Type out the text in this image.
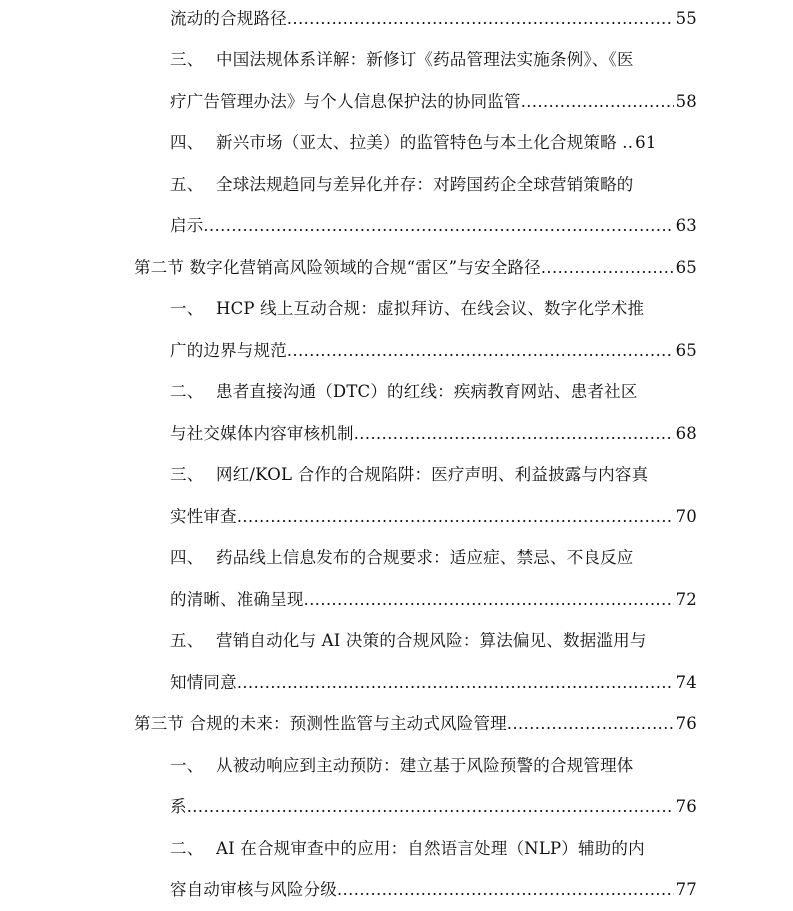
流动的合规路径 .....	55
三、 中国法规体系详解：新修订《药品管理法实施条例》、《医
疗广告管理办法》与个人信息保护法的协同监管 .....	58
四、 新兴市场（亚太、拉美）的监管特色与本土化合规策略 .. 61
五、 全球法规趋同与差异化并存：对跨国药企全球营销策略的
启示 .....	63
第二节 数字化营销高风险领域的合规“雷区”与安全路径 .....	65
一、 HCP 线上互动合规：虚拟拜访、在线会议、数字化学术推
广的边界与规范 .....	65
二、 患者直接沟通（DTC）的红线：疾病教育网站、患者社区
与社交媒体内容审核机制 .....	68
三、 网红/KOL 合作的合规陷阱：医疗声明、利益披露与内容真
实性审查 .....	70
四、 药品线上信息发布的合规要求：适应症、禁忌、不良反应
的清晰、准确呈现 .....	72
五、 营销自动化与 AI 决策的合规风险：算法偏见、数据滥用与
知情同意 .....	74
第三节 合规的未来：预测性监管与主动式风险管理 .....	76
一、 从被动响应到主动预防：建立基于风险预警的合规管理体
系 .....	76
二、 AI 在合规审查中的应用：自然语言处理（NLP）辅助的内
容自动审核与风险分级 .....	77
